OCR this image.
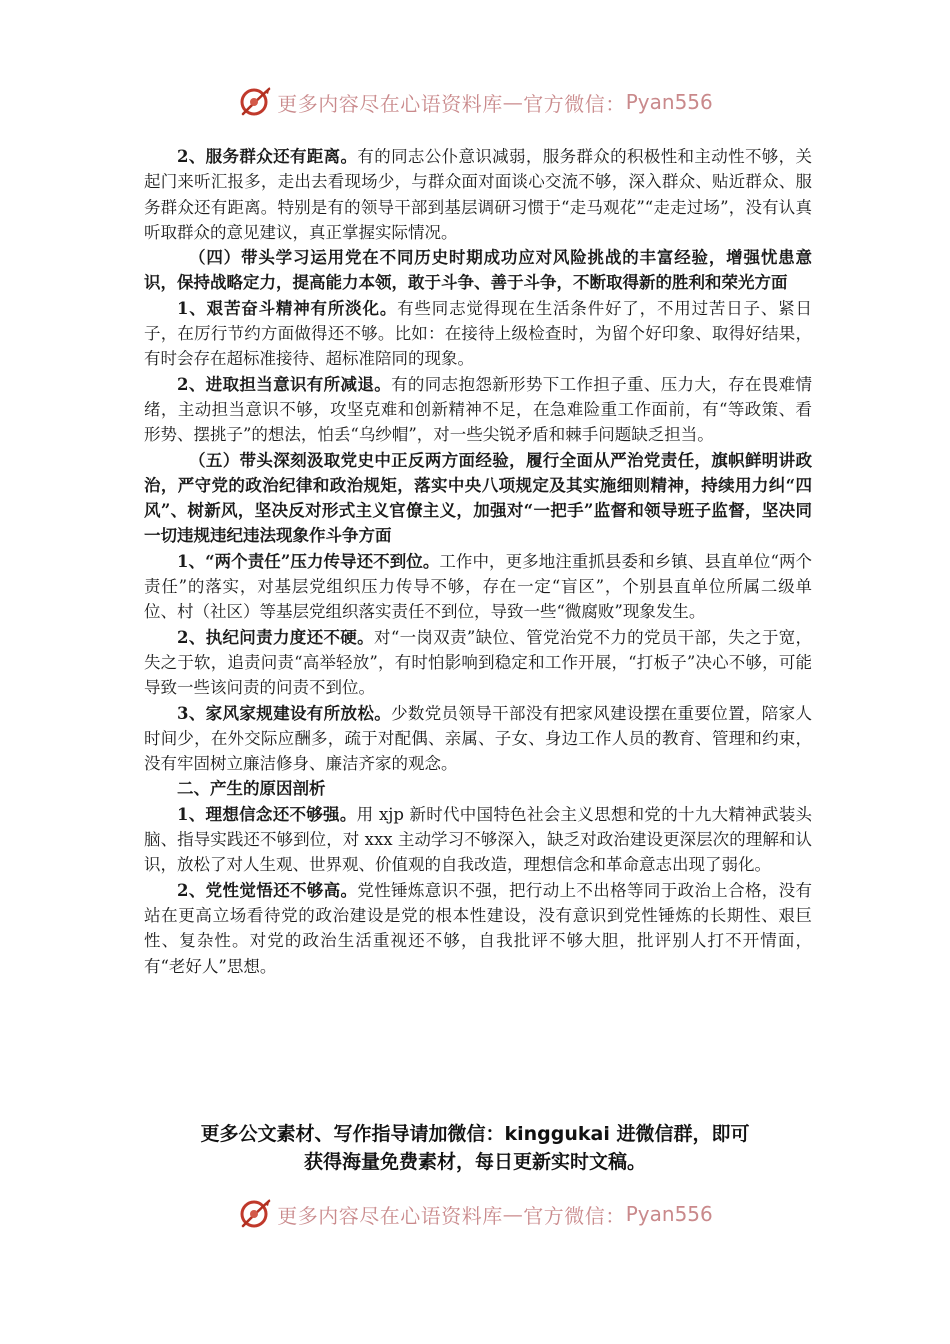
更多内容尽在心语资料库 — 官方微信： Pyan556

2、服务群众还有距离。有的同志公仆意识减弱，服务群众的积极性和主动性不够，关起门来听汇报多，走出去看现场少，与群众面对面谈心交流不够，深入群众、贴近群众、服务群众还有距离。特别是有的领导干部到基层调研习惯于“走马观花”“走走过场”，没有认真听取群众的意见建议，真正掌握实际情况。

（四）带头学习运用党在不同历史时期成功应对风险挑战的丰富经验，增强忧患意识，保持战略定力，提高能力本领，敢于斗争、善于斗争，不断取得新的胜利和荣光方面

1、艰苦奋斗精神有所淡化。有些同志觉得现在生活条件好了，不用过苦日子、紧日子，在厉行节约方面做得还不够。比如：在接待上级检查时，为留个好印象、取得好结果，有时会存在超标准接待、超标准陪同的现象。

2、进取担当意识有所减退。有的同志抱怨新形势下工作担子重、压力大，存在畏难情绪，主动担当意识不够，攻坚克难和创新精神不足，在急难险重工作面前，有“等政策、看形势、摆挑子”的想法，怕丢“乌纱帽”，对一些尖锐矛盾和棘手问题缺乏担当。

（五）带头深刻汲取党史中正反两方面经验，履行全面从严治党责任，旗帜鲜明讲政治，严守党的政治纪律和政治规矩，落实中央八项规定及其实施细则精神，持续用力纠“四风”、树新风，坚决反对形式主义官僚主义，加强对“一把手”监督和领导班子监督，坚决同一切违规违纪违法现象作斗争方面

1、“两个责任”压力传导还不到位。工作中，更多地注重抓县委和乡镇、县直单位“两个责任”的落实，对基层党组织压力传导不够，存在一定“盲区”，个别县直单位所属二级单位、村（社区）等基层党组织落实责任不到位，导致一些“微腐败”现象发生。

2、执纪问责力度还不硬。对“一岗双责”缺位、管党治党不力的党员干部，失之于宽，失之于软，追责问责“高举轻放”，有时怕影响到稳定和工作开展，“打板子”决心不够，可能导致一些该问责的问责不到位。

3、家风家规建设有所放松。少数党员领导干部没有把家风建设摆在重要位置，陪家人时间少，在外交际应酬多，疏于对配偶、亲属、子女、身边工作人员的教育、管理和约束，没有牢固树立廉洁修身、廉洁齐家的观念。

二、产生的原因剖析

1、理想信念还不够强。用 xjp 新时代中国特色社会主义思想和党的十九大精神武装头脑、指导实践还不够到位，对 xxx 主动学习不够深入，缺乏对政治建设更深层次的理解和认识，放松了对人生观、世界观、价值观的自我改造，理想信念和革命意志出现了弱化。

2、党性觉悟还不够高。党性锤炼意识不强，把行动上不出格等同于政治上合格，没有站在更高立场看待党的政治建设是党的根本性建设，没有意识到党性锤炼的长期性、艰巨性、复杂性。对党的政治生活重视还不够，自我批评不够大胆，批评别人打不开情面，有“老好人”思想。

更多公文素材、写作指导请加微信：kinggukai 进微信群，即可
获得海量免费素材，每日更新实时文稿。
更多内容尽在心语资料库 — 官方微信： Pyan556
